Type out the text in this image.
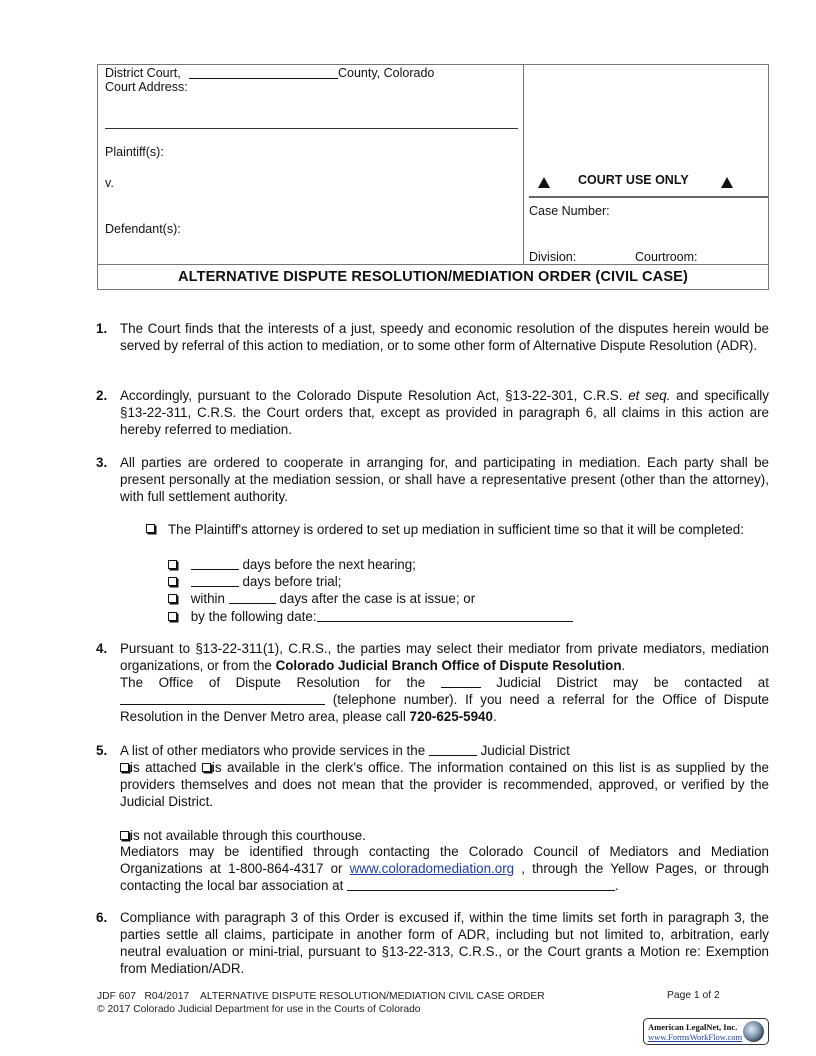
District Court,	County, Colorado
Court Address:
Plaintiff(s):
v.
Defendant(s):
COURT USE ONLY
Case Number:
Division:	Courtroom:
ALTERNATIVE DISPUTE RESOLUTION/MEDIATION ORDER (CIVIL CASE)
1. The Court finds that the interests of a just, speedy and economic resolution of the disputes herein would be served by referral of this action to mediation, or to some other form of Alternative Dispute Resolution (ADR).

2. Accordingly, pursuant to the Colorado Dispute Resolution Act, §13-22-301, C.R.S. et seq. and specifically §13-22-311, C.R.S. the Court orders that, except as provided in paragraph 6, all claims in this action are hereby referred to mediation.

3. All parties are ordered to cooperate in arranging for, and participating in mediation. Each party shall be present personally at the mediation session, or shall have a representative present (other than the attorney), with full settlement authority.

The Plaintiff's attorney is ordered to set up mediation in sufficient time so that it will be completed:
days before the next hearing;
days before trial;
within	days after the case is at issue; or
by the following date:
4. Pursuant to §13-22-311(1), C.R.S., the parties may select their mediator from private mediators, mediation organizations, or from the Colorado Judicial Branch Office of Dispute Resolution.

The Office of Dispute Resolution for the	Judicial District may be contacted at

(telephone number). If you need a referral for the Office of Dispute

Resolution in the Denver Metro area, please call 720-625-5940.

5. A list of other mediators who provide services in the	Judicial District

is attached is available in the clerk's office. The information contained on this list is as supplied by the providers themselves and does not mean that the provider is recommended, approved, or verified by the Judicial District.

is not available through this courthouse.

Mediators may be identified through contacting the Colorado Council of Mediators and Mediation Organizations at 1-800-864-4317 or www.coloradomediation.org , through the Yellow Pages, or through contacting the local bar association at	.

6. Compliance with paragraph 3 of this Order is excused if, within the time limits set forth in paragraph 3, the parties settle all claims, participate in another form of ADR, including but not limited to, arbitration, early neutral evaluation or mini-trial, pursuant to §13-22-313, C.R.S., or the Court grants a Motion re: Exemption from Mediation/ADR.

JDF 607   R04/2017    ALTERNATIVE DISPUTE RESOLUTION/MEDIATION CIVIL CASE ORDER
© 2017 Colorado Judicial Department for use in the Courts of Colorado
Page 1 of 2
American LegalNet, Inc.
www.FormsWorkFlow.com
